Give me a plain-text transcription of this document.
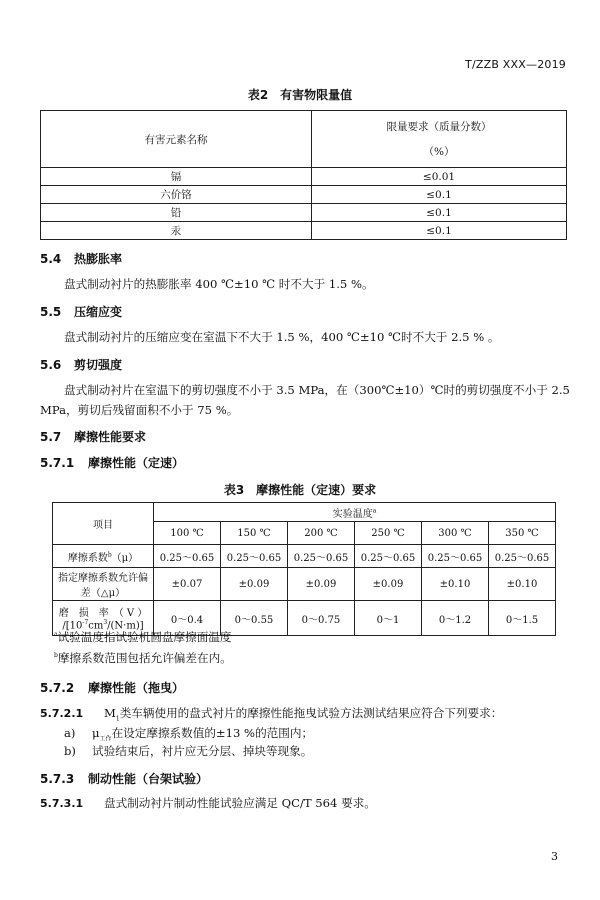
T/ZZB XXX—2019
表2　有害物限量值
有害元素名称	限量要求（质量分数）
（%）

镉	≤0.01
六价铬	≤0.1
铅	≤0.1
汞	≤0.1
5.4 热膨胀率
盘式制动衬片的热膨胀率 400 ℃±10 ℃ 时不大于 1.5 %。
5.5 压缩应变
盘式制动衬片的压缩应变在室温下不大于 1.5 %，400 ℃±10 ℃时不大于 2.5 % 。
5.6 剪切强度
盘式制动衬片在室温下的剪切强度不小于 3.5 MPa，在（300℃±10）℃时的剪切强度不小于 2.5
MPa，剪切后残留面积不小于 75 %。
5.7 摩擦性能要求
5.7.1 摩擦性能（定速）
表3　摩擦性能（定速）要求
项目	实验温度$^a$
	100 ℃	150 ℃	200 ℃	250 ℃	300 ℃	350 ℃
摩擦系数$^b$（μ）	0.25～0.65	0.25～0.65	0.25～0.65	0.25～0.65	0.25～0.65	0.25～0.65

指定摩擦系数允许偏
差（△μ）	±0.07	±0.09	±0.09	±0.09	±0.10	±0.10

磨　损　率　（ V ）
$/[10^{-7}cm^3/(N\cdot m)]$	0～0.4	0～0.55	0～0.75	0～1	0～1.2	0～1.5
$^a$试验温度指试验机圆盘摩擦面温度
$^b$摩擦系数范围包括允许偏差在内。
5.7.2 摩擦性能（拖曳）
5.7.2.1 $M_1$类车辆使用的盘式衬片的摩擦性能拖曳试验方法测试结果应符合下列要求：
a) $\mu_{工作}$在设定摩擦系数值的±13 %的范围内；
b) 试验结束后，衬片应无分层、掉块等现象。
5.7.3 制动性能（台架试验）
5.7.3.1 盘式制动衬片制动性能试验应满足 QC/T 564 要求。
3
